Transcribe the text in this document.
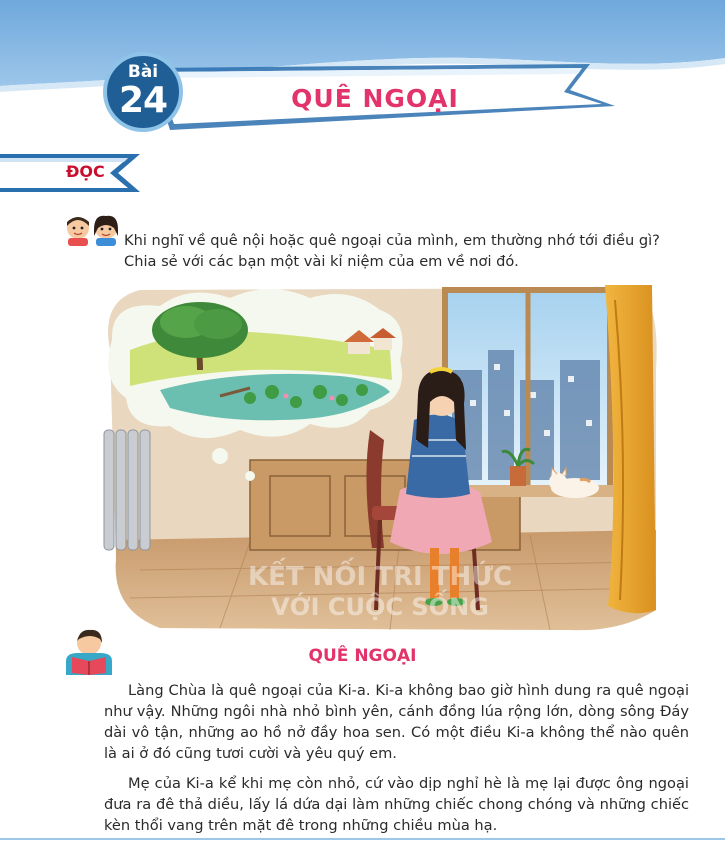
Bài
24	QUÊ NGOẠI
ĐỌC
Khi nghĩ về quê nội hoặc quê ngoại của mình, em thường nhớ tới điều gì? Chia sẻ với các bạn một vài kỉ niệm của em về nơi đó.
KẾT NỐI TRI THỨC
VỚI CUỘC SỐNG
QUÊ NGOẠI
Làng Chùa là quê ngoại của Ki-a. Ki-a không bao giờ hình dung ra quê ngoại như vậy. Những ngôi nhà nhỏ bình yên, cánh đồng lúa rộng lớn, dòng sông Đáy dài vô tận, những ao hồ nở đầy hoa sen. Có một điều Ki-a không thể nào quên là ai ở đó cũng tươi cười và yêu quý em.
Mẹ của Ki-a kể khi mẹ còn nhỏ, cứ vào dịp nghỉ hè là mẹ lại được ông ngoại đưa ra đê thả diều, lấy lá dứa dại làm những chiếc chong chóng và những chiếc kèn thổi vang trên mặt đê trong những chiều mùa hạ.
